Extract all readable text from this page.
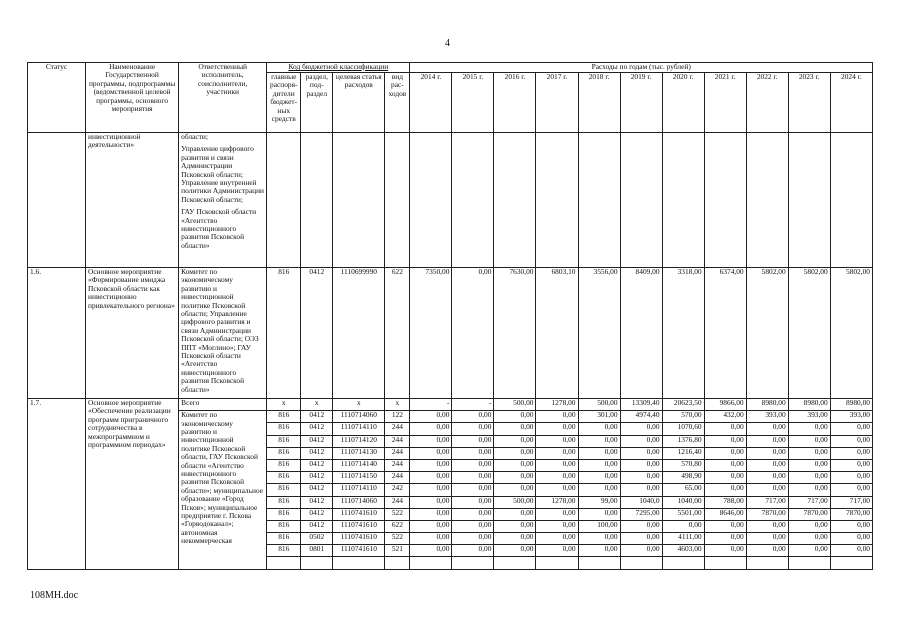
4
Статус	Наименование Государственной программы, подпрограммы (ведомственной целевой программы, основного мероприятия	Ответственный исполнитель, соисполнители, участники	Код бюджетной классификации				Расходы по годам (тыс. рублей)										
			главные распоря-дители бюджет-ных средств	раздел, под-раздел	целевая статья расходов	вид рас-ходов	2014 г.	2015 г.	2016 г.	2017 г.	2018 г.	2019 г.	2020 г.	2021 г.	2022 г.	2023 г.	2024 г.
	инвестиционной деятельности»	области;
Управление цифрового развития и связи Администрации Псковской области; Управление внутренней политики Администрации Псковской области;
ГАУ Псковской области «Агентство инвестиционного развития Псковской области»															

1.6.	Основное мероприятие «Формирование имиджа Псковской области как инвестиционно привлекательного региона»	Комитет по экономическому развитию и инвестиционной политике Псковской области; Управление цифрового развития и связи Администрации Псковской области; ОЭЗ ППТ «Моглино»; ГАУ Псковской области «Агентство инвестиционного развития Псковской области»	816	0412	1110699990	622	7350,00	0,00	7630,00	6803,10	3556,00	8409,00	3318,00	6374,00	5802,00	5802,00	5802,00
1.7.	Основное мероприятие «Обеспечение реализации программ приграничного сотрудничества в межпрограммном и программном периодах»	Всего	x	x	x	x	-	-	500,00	1278,00	500,00	13309,40	20623,50	9866,00	8980,00	8980,00	8980,00
		Комитет по экономическому развитию и инвестиционной политике Псковской области, ГАУ Псковской области «Агентство инвестиционного развития Псковской области»; муниципальное образование «Город Псков»; муниципальное предприятие г. Пскова «Горводоканал»; автономная некоммерческая	816	0412	1110714060	122	0,00	0,00	0,00	0,00	301,00	4974,40	570,00	432,00	393,00	393,00	393,00
			816	0412	1110714110	244	0,00	0,00	0,00	0,00	0,00	0,00	1070,60	0,00	0,00	0,00	0,00
			816	0412	1110714120	244	0,00	0,00	0,00	0,00	0,00	0,00	1376,80	0,00	0,00	0,00	0,00
			816	0412	1110714130	244	0,00	0,00	0,00	0,00	0,00	0,00	1216,40	0,00	0,00	0,00	0,00
			816	0412	1110714140	244	0,00	0,00	0,00	0,00	0,00	0,00	570,80	0,00	0,00	0,00	0,00
			816	0412	1110714150	244	0,00	0,00	0,00	0,00	0,00	0,00	498,90	0,00	0,00	0,00	0,00
			816	0412	1110714110	242	0,00	0,00	0,00	0,00	0,00	0,00	65,00	0,00	0,00	0,00	0,00
			816	0412	1110714060	244	0,00	0,00	500,00	1278,00	99,00	1040,0	1040,00	788,00	717,00	717,00	717,00
			816	0412	1110741610	522	0,00	0,00	0,00	0,00	0,00	7295,00	5501,00	8646,00	7870,00	7870,00	7870,00
			816	0412	1110741610	622	0,00	0,00	0,00	0,00	100,00	0,00	0,00	0,00	0,00	0,00	0,00
			816	0502	1110741610	522	0,00	0,00	0,00	0,00	0,00	0,00	4111,00	0,00	0,00	0,00	0,00
			816	0801	1110741610	521	0,00	0,00	0,00	0,00	0,00	0,00	4603,00	0,00	0,00	0,00	0,00

108МН.doc
